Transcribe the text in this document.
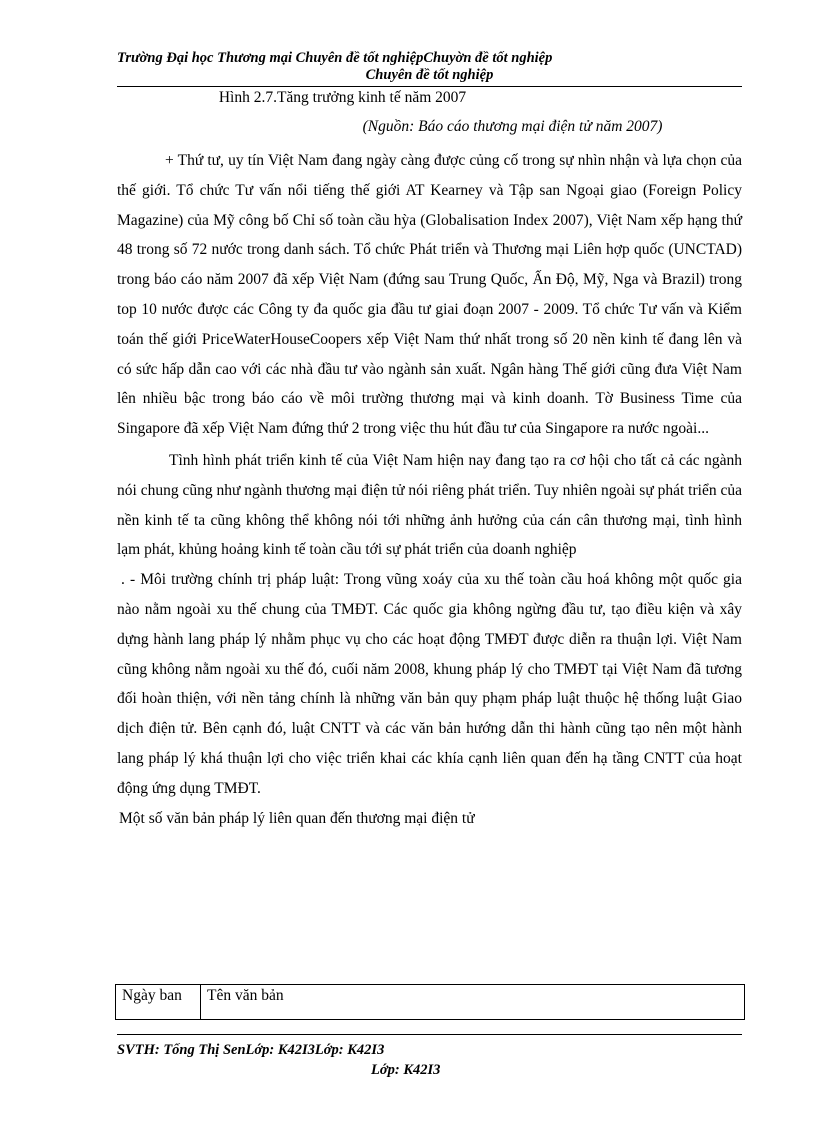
Trường Đại học Thương mại Chuyên đề tốt nghiệpChuyờn đề tốt nghiệp
Chuyên đề tốt nghiệp
Hình 2.7.Tăng trưởng kinh tế năm 2007
(Nguồn: Báo cáo thương mại điện tử năm 2007)

+ Thứ tư, uy tín Việt Nam đang ngày càng được củng cố trong sự nhìn nhận và lựa chọn của thế giới. Tổ chức Tư vấn nổi tiếng thế giới AT Kearney và Tập san Ngoại giao (Foreign Policy Magazine) của Mỹ công bố Chỉ số toàn cầu hỳa (Globalisation Index 2007), Việt Nam xếp hạng thứ 48 trong số 72 nước trong danh sách. Tổ chức Phát triển và Thương mại Liên hợp quốc (UNCTAD) trong báo cáo năm 2007 đã xếp Việt Nam (đứng sau Trung Quốc, Ấn Độ, Mỹ, Nga và Brazil) trong top 10 nước được các Công ty đa quốc gia đầu tư giai đoạn 2007 - 2009. Tổ chức Tư vấn và Kiểm toán thế giới PriceWaterHouseCoopers xếp Việt Nam thứ nhất trong số 20 nền kinh tế đang lên và có sức hấp dẫn cao với các nhà đầu tư vào ngành sản xuất. Ngân hàng Thế giới cũng đưa Việt Nam lên nhiều bậc trong báo cáo về môi trường thương mại và kinh doanh. Tờ Business Time của Singapore đã xếp Việt Nam đứng thứ 2 trong việc thu hút đầu tư của Singapore ra nước ngoài...

Tình hình phát triển kinh tế của Việt Nam hiện nay đang tạo ra cơ hội cho tất cả các ngành nói chung cũng như ngành thương mại điện tử nói riêng phát triển. Tuy nhiên ngoài sự phát triển của nền kinh tế ta cũng không thể không nói tới những ảnh hưởng của cán cân thương mại, tình hình lạm phát, khủng hoảng kinh tế toàn cầu tới sự phát triển của doanh nghiệp

. - Môi trường chính trị pháp luật: Trong vũng xoáy của xu thế toàn cầu hoá không một quốc gia nào nằm ngoài xu thế chung của TMĐT. Các quốc gia không ngừng đầu tư, tạo điều kiện và xây dựng hành lang pháp lý nhằm phục vụ cho các hoạt động TMĐT được diễn ra thuận lợi. Việt Nam cũng không nằm ngoài xu thế đó, cuối năm 2008, khung pháp lý cho TMĐT tại Việt Nam đã tương đối hoàn thiện, với nền tảng chính là những văn bản quy phạm pháp luật thuộc hệ thống luật Giao dịch điện tử. Bên cạnh đó, luật CNTT và các văn bản hướng dẫn thi hành cũng tạo nên một hành lang pháp lý khá thuận lợi cho việc triển khai các khía cạnh liên quan đến hạ tầng CNTT của hoạt động ứng dụng TMĐT.

Một số văn bản pháp lý liên quan đến thương mại điện tử

Ngày ban	Tên văn bản
SVTH: Tống Thị SenLớp: K42I3Lớp: K42I3
Lớp: K42I3
